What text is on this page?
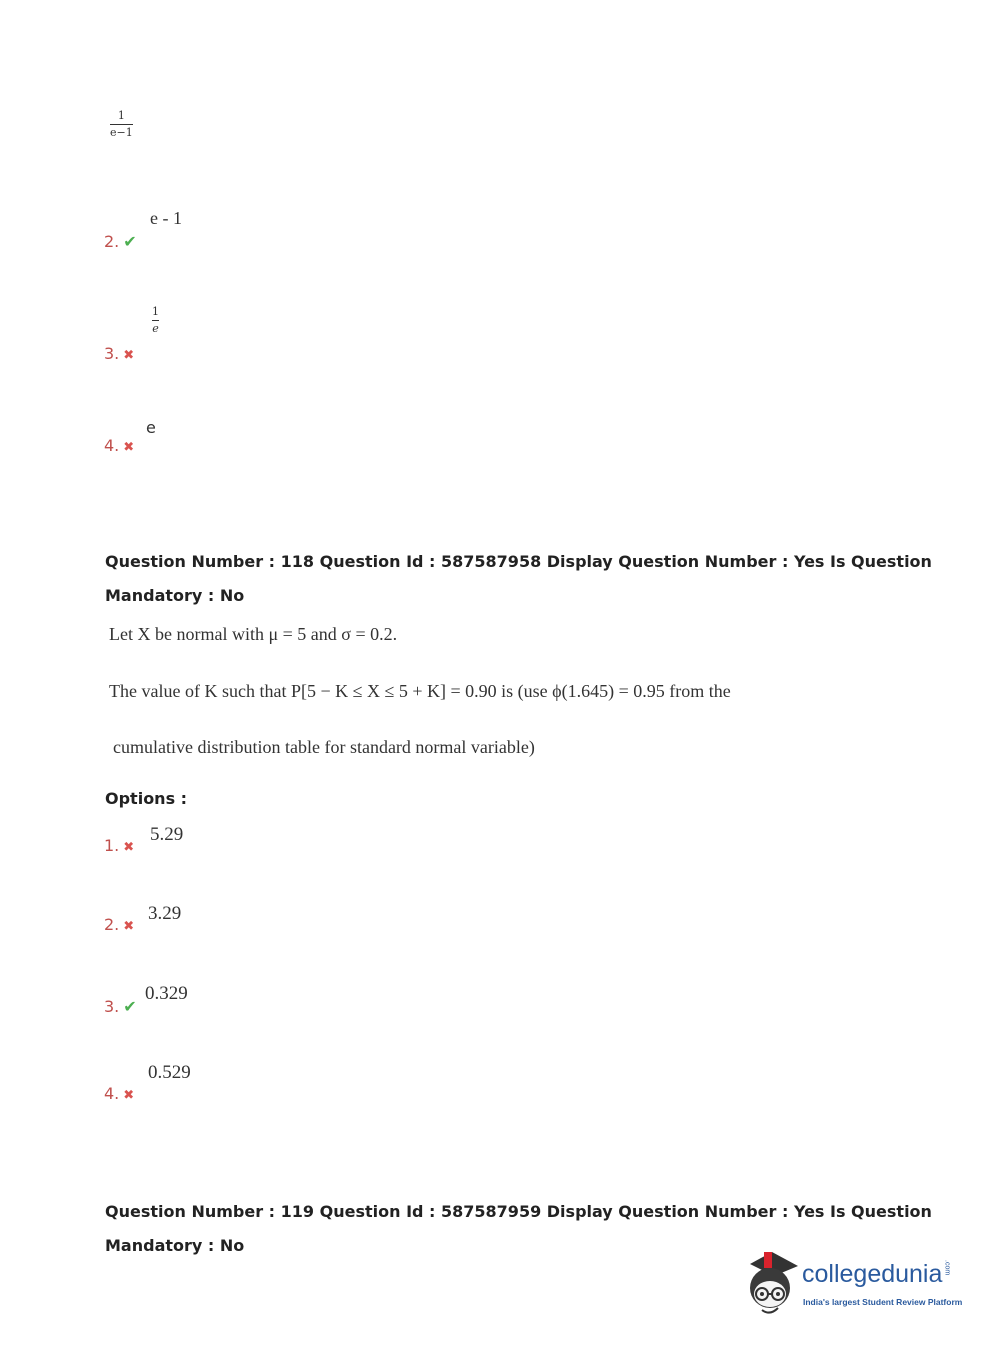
$\frac{1}{e-1}$
2. ✔
e - 1
3. ✖
1
e
4. ✖
e
Question Number : 118 Question Id : 587587958 Display Question Number : Yes Is Question
Mandatory : No
Let X be normal with μ = 5 and σ = 0.2.
The value of K such that P[5 − K ≤ X ≤ 5 + K] = 0.90 is (use ϕ(1.645) = 0.95 from the
cumulative distribution table for standard normal variable)
Options :
1. ✖
5.29
2. ✖
3.29
3. ✔
0.329
4. ✖
0.529
Question Number : 119 Question Id : 587587959 Display Question Number : Yes Is Question
Mandatory : No
collegedunia.com
India's largest Student Review Platform
